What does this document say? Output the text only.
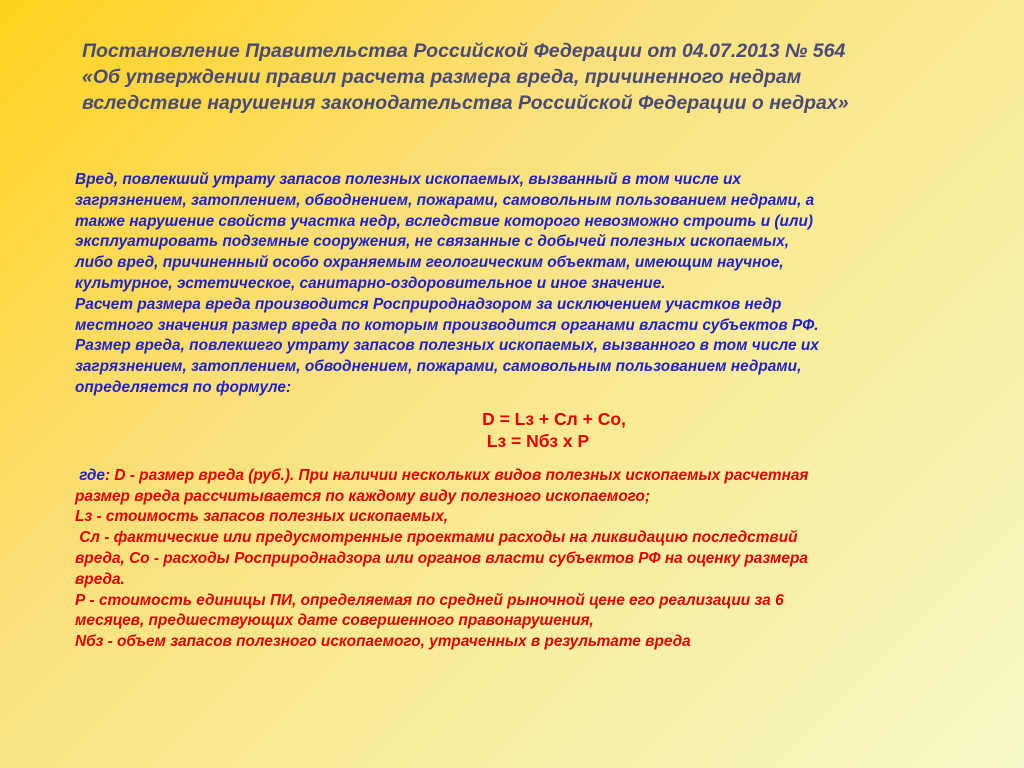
Постановление Правительства Российской Федерации от 04.07.2013 № 564
«Об утверждении правил расчета размера вреда, причиненного недрам
вследствие нарушения законодательства Российской Федерации о недрах»
Вред, повлекший утрату запасов полезных ископаемых, вызванный в том числе их
загрязнением, затоплением, обводнением, пожарами, самовольным пользованием недрами, а
также нарушение свойств участка недр, вследствие которого невозможно строить и (или)
эксплуатировать подземные сооружения, не связанные с добычей полезных ископаемых,
либо вред, причиненный особо охраняемым геологическим объектам, имеющим научное,
культурное, эстетическое, санитарно-оздоровительное и иное значение.
Расчет размера вреда производится Росприроднадзором за исключением участков недр
местного значения размер вреда по которым производится органами власти субъектов РФ.
Размер вреда, повлекшего утрату запасов полезных ископаемых, вызванного в том числе их
загрязнением, затоплением, обводнением, пожарами, самовольным пользованием недрами,
определяется по формуле:
D = Lз + Сл + Со,
Lз = Nбз х Р
где: D - размер вреда (руб.). При наличии нескольких видов полезных ископаемых расчетная
размер вреда рассчитывается по каждому виду полезного ископаемого;
Lз - стоимость запасов полезных ископаемых,
Сл - фактические или предусмотренные проектами расходы на ликвидацию последствий
вреда, Со - расходы Росприроднадзора или органов власти субъектов РФ на оценку размера
вреда.
Р - стоимость единицы ПИ, определяемая по средней рыночной цене его реализации за 6
месяцев, предшествующих дате совершенного правонарушения,
Nбз - объем запасов полезного ископаемого, утраченных в результате вреда
